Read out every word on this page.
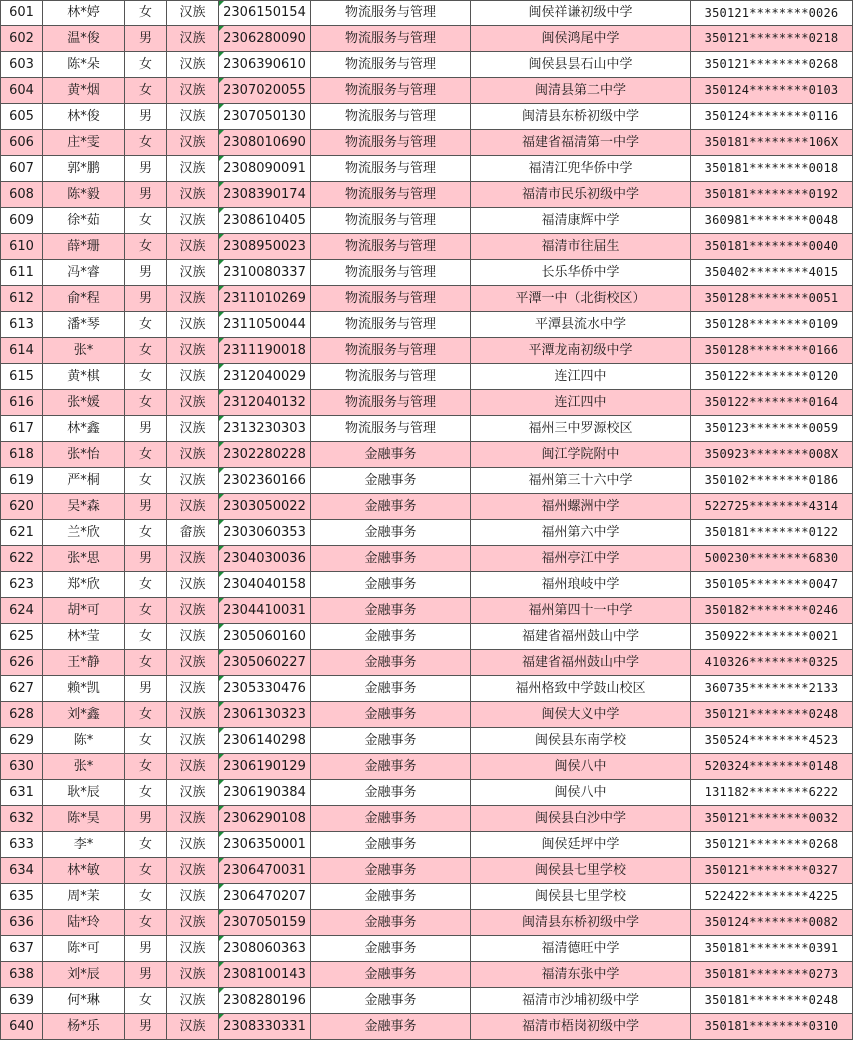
601	林*婷	女	汉族	2306150154	物流服务与管理	闽侯祥谦初级中学	350121********0026
602	温*俊	男	汉族	2306280090	物流服务与管理	闽侯鸿尾中学	350121********0218
603	陈*朵	女	汉族	2306390610	物流服务与管理	闽侯县昙石山中学	350121********0268
604	黄*烟	女	汉族	2307020055	物流服务与管理	闽清县第二中学	350124********0103
605	林*俊	男	汉族	2307050130	物流服务与管理	闽清县东桥初级中学	350124********0116
606	庄*雯	女	汉族	2308010690	物流服务与管理	福建省福清第一中学	350181********106X
607	郭*鹏	男	汉族	2308090091	物流服务与管理	福清江兜华侨中学	350181********0018
608	陈*毅	男	汉族	2308390174	物流服务与管理	福清市民乐初级中学	350181********0192
609	徐*茹	女	汉族	2308610405	物流服务与管理	福清康辉中学	360981********0048
610	薛*珊	女	汉族	2308950023	物流服务与管理	福清市往届生	350181********0040
611	冯*睿	男	汉族	2310080337	物流服务与管理	长乐华侨中学	350402********4015
612	俞*程	男	汉族	2311010269	物流服务与管理	平潭一中（北街校区）	350128********0051
613	潘*琴	女	汉族	2311050044	物流服务与管理	平潭县流水中学	350128********0109
614	张*	女	汉族	2311190018	物流服务与管理	平潭龙南初级中学	350128********0166
615	黄*棋	女	汉族	2312040029	物流服务与管理	连江四中	350122********0120
616	张*媛	女	汉族	2312040132	物流服务与管理	连江四中	350122********0164
617	林*鑫	男	汉族	2313230303	物流服务与管理	福州三中罗源校区	350123********0059
618	张*怡	女	汉族	2302280228	金融事务	闽江学院附中	350923********008X
619	严*桐	女	汉族	2302360166	金融事务	福州第三十六中学	350102********0186
620	吴*森	男	汉族	2303050022	金融事务	福州螺洲中学	522725********4314
621	兰*欣	女	畲族	2303060353	金融事务	福州第六中学	350181********0122
622	张*思	男	汉族	2304030036	金融事务	福州亭江中学	500230********6830
623	郑*欣	女	汉族	2304040158	金融事务	福州琅岐中学	350105********0047
624	胡*可	女	汉族	2304410031	金融事务	福州第四十一中学	350182********0246
625	林*莹	女	汉族	2305060160	金融事务	福建省福州鼓山中学	350922********0021
626	王*静	女	汉族	2305060227	金融事务	福建省福州鼓山中学	410326********0325
627	赖*凯	男	汉族	2305330476	金融事务	福州格致中学鼓山校区	360735********2133
628	刘*鑫	女	汉族	2306130323	金融事务	闽侯大义中学	350121********0248
629	陈*	女	汉族	2306140298	金融事务	闽侯县东南学校	350524********4523
630	张*	女	汉族	2306190129	金融事务	闽侯八中	520324********0148
631	耿*辰	女	汉族	2306190384	金融事务	闽侯八中	131182********6222
632	陈*昊	男	汉族	2306290108	金融事务	闽侯县白沙中学	350121********0032
633	李*	女	汉族	2306350001	金融事务	闽侯廷坪中学	350121********0268
634	林*敏	女	汉族	2306470031	金融事务	闽侯县七里学校	350121********0327
635	周*茉	女	汉族	2306470207	金融事务	闽侯县七里学校	522422********4225
636	陆*玲	女	汉族	2307050159	金融事务	闽清县东桥初级中学	350124********0082
637	陈*可	男	汉族	2308060363	金融事务	福清德旺中学	350181********0391
638	刘*辰	男	汉族	2308100143	金融事务	福清东张中学	350181********0273
639	何*琳	女	汉族	2308280196	金融事务	福清市沙埔初级中学	350181********0248
640	杨*乐	男	汉族	2308330331	金融事务	福清市梧岗初级中学	350181********0310
